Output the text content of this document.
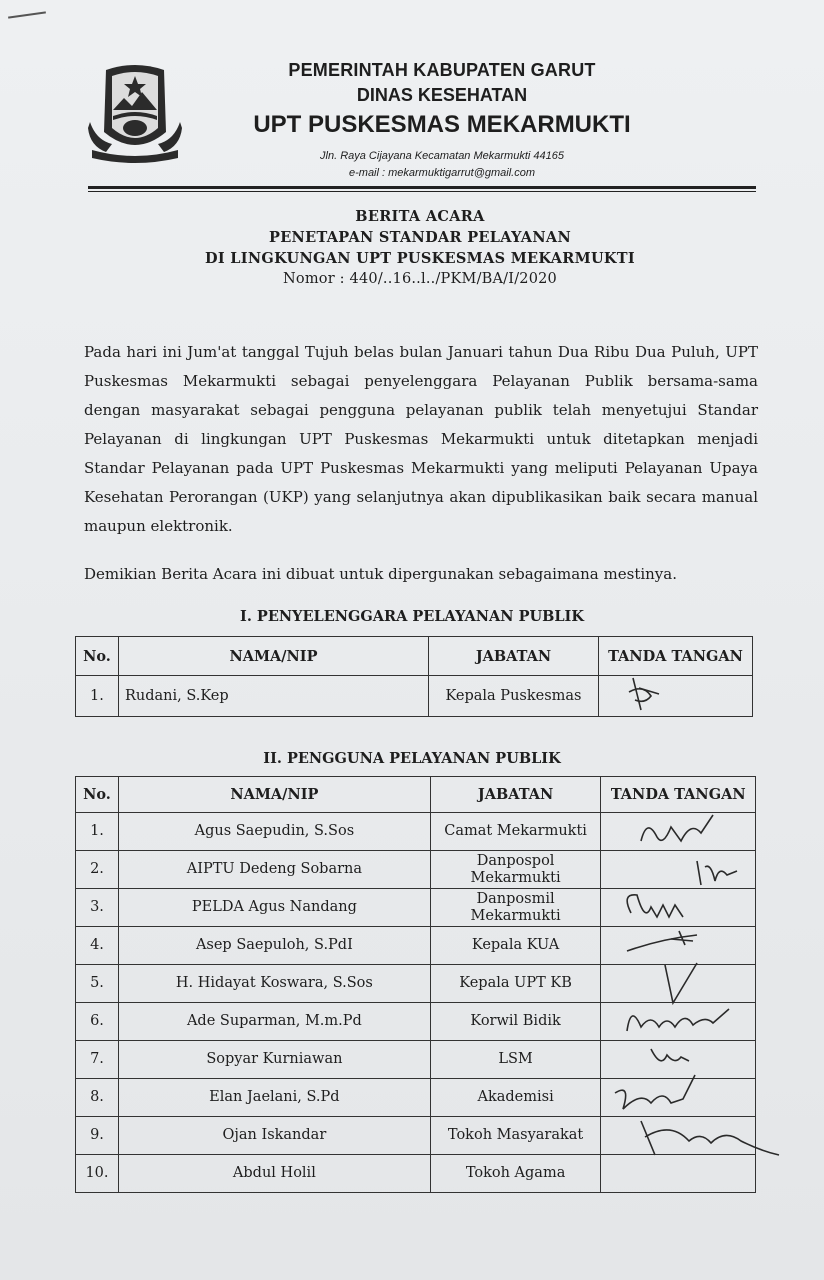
PEMERINTAH KABUPATEN GARUT
DINAS KESEHATAN
UPT PUSKESMAS MEKARMUKTI
Jln. Raya Cijayana Kecamatan Mekarmukti 44165
e-mail : mekarmuktigarrut@gmail.com
BERITA ACARA
PENETAPAN STANDAR PELAYANAN
DI LINGKUNGAN UPT PUSKESMAS MEKARMUKTI
Nomor : 440/..16..l../PKM/BA/I/2020
Pada hari ini Jum'at tanggal Tujuh belas bulan Januari tahun Dua Ribu Dua Puluh, UPT Puskesmas Mekarmukti sebagai penyelenggara Pelayanan Publik bersama-sama dengan masyarakat sebagai pengguna pelayanan publik telah menyetujui Standar Pelayanan di lingkungan UPT Puskesmas Mekarmukti untuk ditetapkan menjadi Standar Pelayanan pada UPT Puskesmas Mekarmukti yang meliputi Pelayanan Upaya Kesehatan Perorangan (UKP) yang selanjutnya akan dipublikasikan baik secara manual maupun elektronik.
Demikian Berita Acara ini dibuat untuk dipergunakan sebagaimana mestinya.
I. PENYELENGGARA PELAYANAN PUBLIK
No.	NAMA/NIP	JABATAN	TANDA TANGAN
1.	Rudani, S.Kep	Kepala Puskesmas	
II. PENGGUNA PELAYANAN PUBLIK
No.	NAMA/NIP	JABATAN	TANDA TANGAN
1.	Agus Saepudin, S.Sos	Camat Mekarmukti	

2.	AIPTU Dedeng Sobarna	Danpospol Mekarmukti	

3.	PELDA Agus Nandang	Danposmil Mekarmukti	

4.	Asep Saepuloh, S.PdI	Kepala KUA	

5.	H. Hidayat Koswara, S.Sos	Kepala UPT KB	

6.	Ade Suparman, M.m.Pd	Korwil Bidik	

7.	Sopyar Kurniawan	LSM	

8.	Elan Jaelani, S.Pd	Akademisi	

9.	Ojan Iskandar	Tokoh Masyarakat	

10.	Abdul Holil	Tokoh Agama	
